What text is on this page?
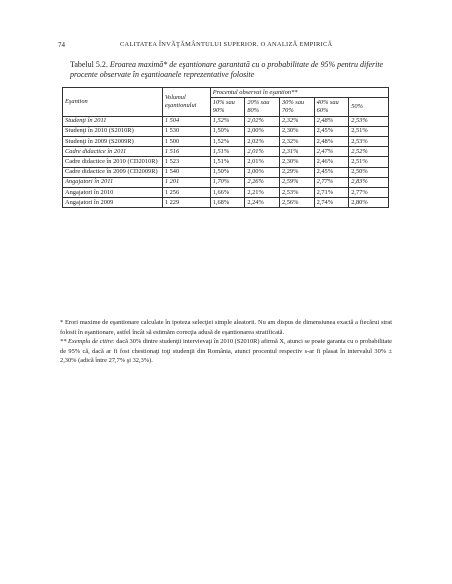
74	CALITATEA ÎNVĂŢĂMÂNTULUI SUPERIOR. O ANALIZĂ EMPIRICĂ
Tabelul 5.2. Eroarea maximă* de eşantionare garantată cu o probabilitate de 95% pentru diferite procente observate în eşantioanele reprezentative folosite
Eşantion	Volumul eşantionului	Procentul observat în eşantion**				
		10% sau 90%	20% sau 80%	30% sau 70%	40% sau 60%	50%
Studenţi în 2011	1 504	1,52%	2,02%	2,32%	2,48%	2,53%
Studenţi în 2010 (S2010R)	1 530	1,50%	2,00%	2,30%	2,45%	2,51%
Studenţi în 2009 (S2009R)	1 500	1,52%	2,02%	2,32%	2,48%	2,53%
Cadre didactice în 2011	1 516	1,51%	2,01%	2,31%	2,47%	2,52%
Cadre didactice în 2010 (CD2010R)	1 523	1,51%	2,01%	2,30%	2,46%	2,51%
Cadre didactice în 2009 (CD2009R)	1 540	1,50%	2,00%	2,29%	2,45%	2,50%
Angajatori în 2011	1 201	1,70%	2,26%	2,59%	2,77%	2,83%
Angajatori în 2010	1 256	1,66%	2,21%	2,53%	2,71%	2,77%
Angajatori în 2009	1 229	1,68%	2,24%	2,56%	2,74%	2,80%

* Erori maxime de eşantionare calculate în ipoteza selecţiei simple aleatorii. Nu am dispus de dimensiunea exactă a fiecărui strat folosit în eşantionare, astfel încât să estimăm corecţia adusă de eşantionarea stratificată.

** Exemplu de citire: dacă 30% dintre studenţii intervievaţi în 2010 (S2010R) afirmă X, atunci se poate garanta cu o probabilitate de 95% că, dacă ar fi fost chestionaţi toţi studenţii din România, atunci procentul respectiv s-ar fi plasat în intervalul 30% ± 2,30% (adică între 27,7% şi 32,3%).
